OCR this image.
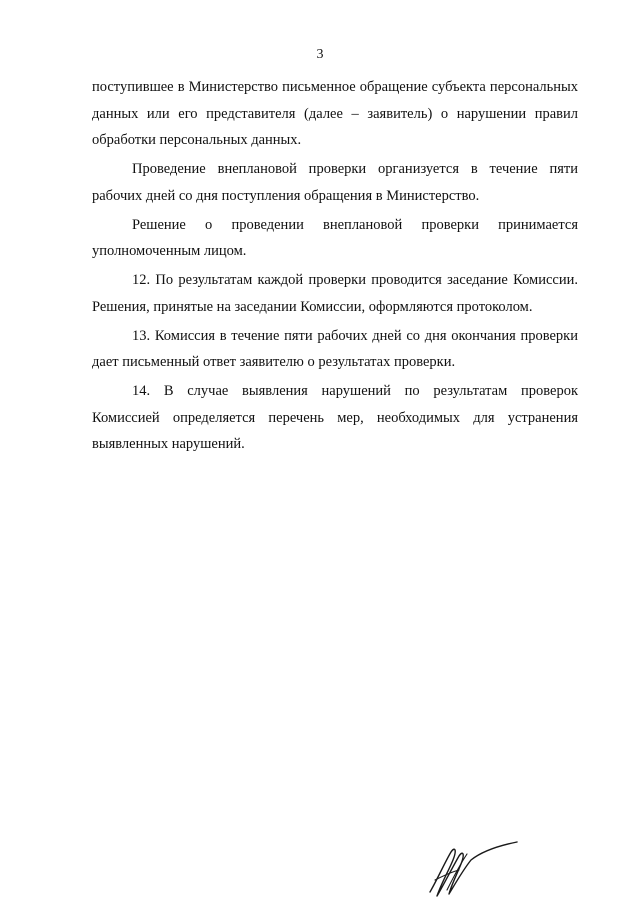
3

поступившее в Министерство письменное обращение субъекта персональных данных или его представителя (далее – заявитель) о нарушении правил обработки персональных данных.

Проведение внеплановой проверки организуется в течение пяти рабочих дней со дня поступления обращения в Министерство.

Решение о проведении внеплановой проверки принимается уполномоченным лицом.

12. По результатам каждой проверки проводится заседание Комиссии. Решения, принятые на заседании Комиссии, оформляются протоколом.

13. Комиссия в течение пяти рабочих дней со дня окончания проверки дает письменный ответ заявителю о результатах проверки.

14. В случае выявления нарушений по результатам проверок Комиссией определяется перечень мер, необходимых для устранения выявленных нарушений.
